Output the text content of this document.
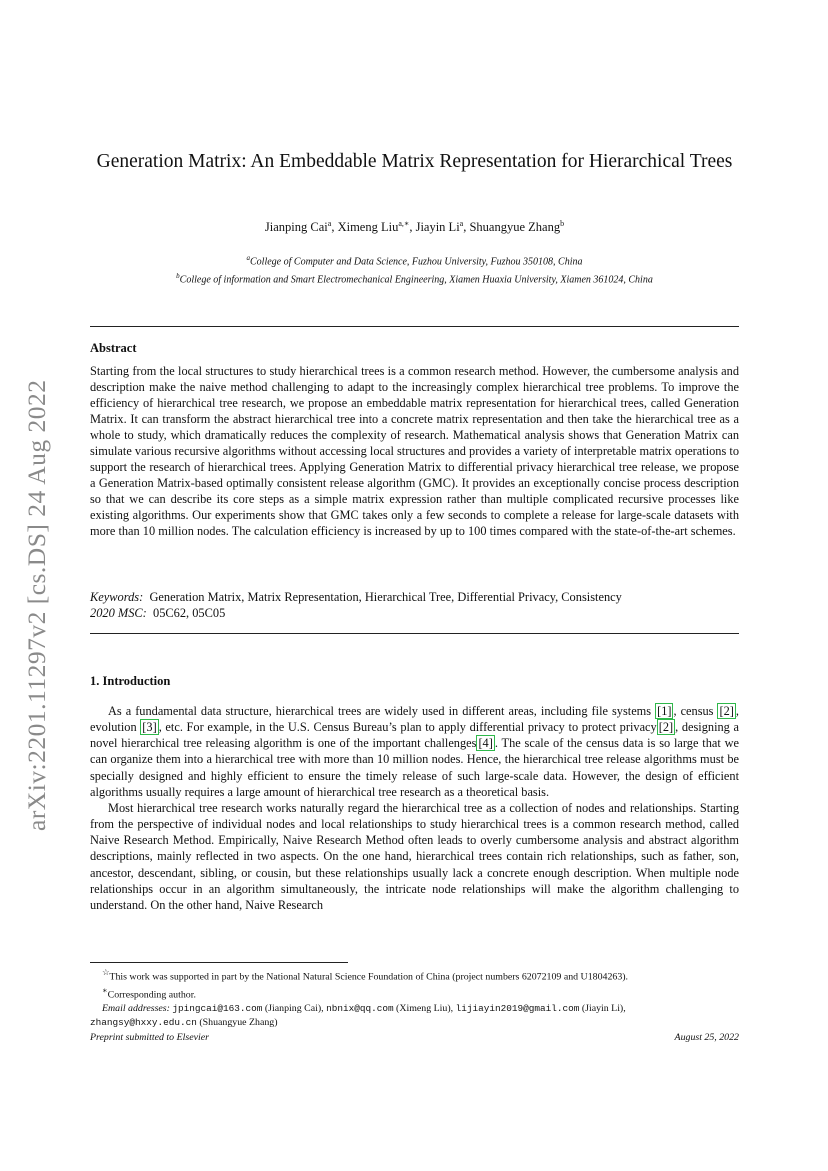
arXiv:2201.11297v2 [cs.DS] 24 Aug 2022
Generation Matrix: An Embeddable Matrix Representation for Hierarchical Trees
Jianping Cai$^a$, Ximeng Liu$^{a,∗}$, Jiayin Li$^a$, Shuangyue Zhang$^b$
$^a$College of Computer and Data Science, Fuzhou University, Fuzhou 350108, China
$^b$College of information and Smart Electromechanical Engineering, Xiamen Huaxia University, Xiamen 361024, China
Abstract
Starting from the local structures to study hierarchical trees is a common research method. However, the cumbersome analysis and description make the naive method challenging to adapt to the increasingly complex hierarchical tree problems. To improve the efficiency of hierarchical tree research, we propose an embeddable matrix representation for hierarchical trees, called Generation Matrix. It can transform the abstract hierarchical tree into a concrete matrix representation and then take the hierarchical tree as a whole to study, which dramatically reduces the complexity of research. Mathematical analysis shows that Generation Matrix can simulate various recursive algorithms without accessing local structures and provides a variety of interpretable matrix operations to support the research of hierarchical trees. Applying Generation Matrix to differential privacy hierarchical tree release, we propose a Generation Matrix-based optimally consistent release algorithm (GMC). It provides an exceptionally concise process description so that we can describe its core steps as a simple matrix expression rather than multiple complicated recursive processes like existing algorithms. Our experiments show that GMC takes only a few seconds to complete a release for large-scale datasets with more than 10 million nodes. The calculation efficiency is increased by up to 100 times compared with the state-of-the-art schemes.
Keywords: Generation Matrix, Matrix Representation, Hierarchical Tree, Differential Privacy, Consistency
2020 MSC: 05C62, 05C05
1. Introduction

As a fundamental data structure, hierarchical trees are widely used in different areas, including file systems [1] , census [2] , evolution [3] , etc. For example, in the U.S. Census Bureau’s plan to apply differential privacy to protect privacy [2] , designing a novel hierarchical tree releasing algorithm is one of the important challenges [4] . The scale of the census data is so large that we can organize them into a hierarchical tree with more than 10 million nodes. Hence, the hierarchical tree release algorithms must be specially designed and highly efficient to ensure the timely release of such large-scale data. However, the design of efficient algorithms usually requires a large amount of hierarchical tree research as a theoretical basis.

Most hierarchical tree research works naturally regard the hierarchical tree as a collection of nodes and relationships. Starting from the perspective of individual nodes and local relationships to study hierarchical trees is a common research method, called Naive Research Method. Empirically, Naive Research Method often leads to overly cumbersome analysis and abstract algorithm descriptions, mainly reflected in two aspects. On the one hand, hierarchical trees contain rich relationships, such as father, son, ancestor, descendant, sibling, or cousin, but these relationships usually lack a concrete enough description. When multiple node relationships occur in an algorithm simultaneously, the intricate node relationships will make the algorithm challenging to understand. On the other hand, Naive Research

☆This work was supported in part by the National Natural Science Foundation of China (project numbers 62072109 and U1804263).
∗Corresponding author.
Email addresses: jpingcai@163.com (Jianping Cai), nbnix@qq.com (Ximeng Liu), lijiayin2019@gmail.com (Jiayin Li),
zhangsy@hxxy.edu.cn (Shuangyue Zhang)
Preprint submitted to Elsevier	August 25, 2022
